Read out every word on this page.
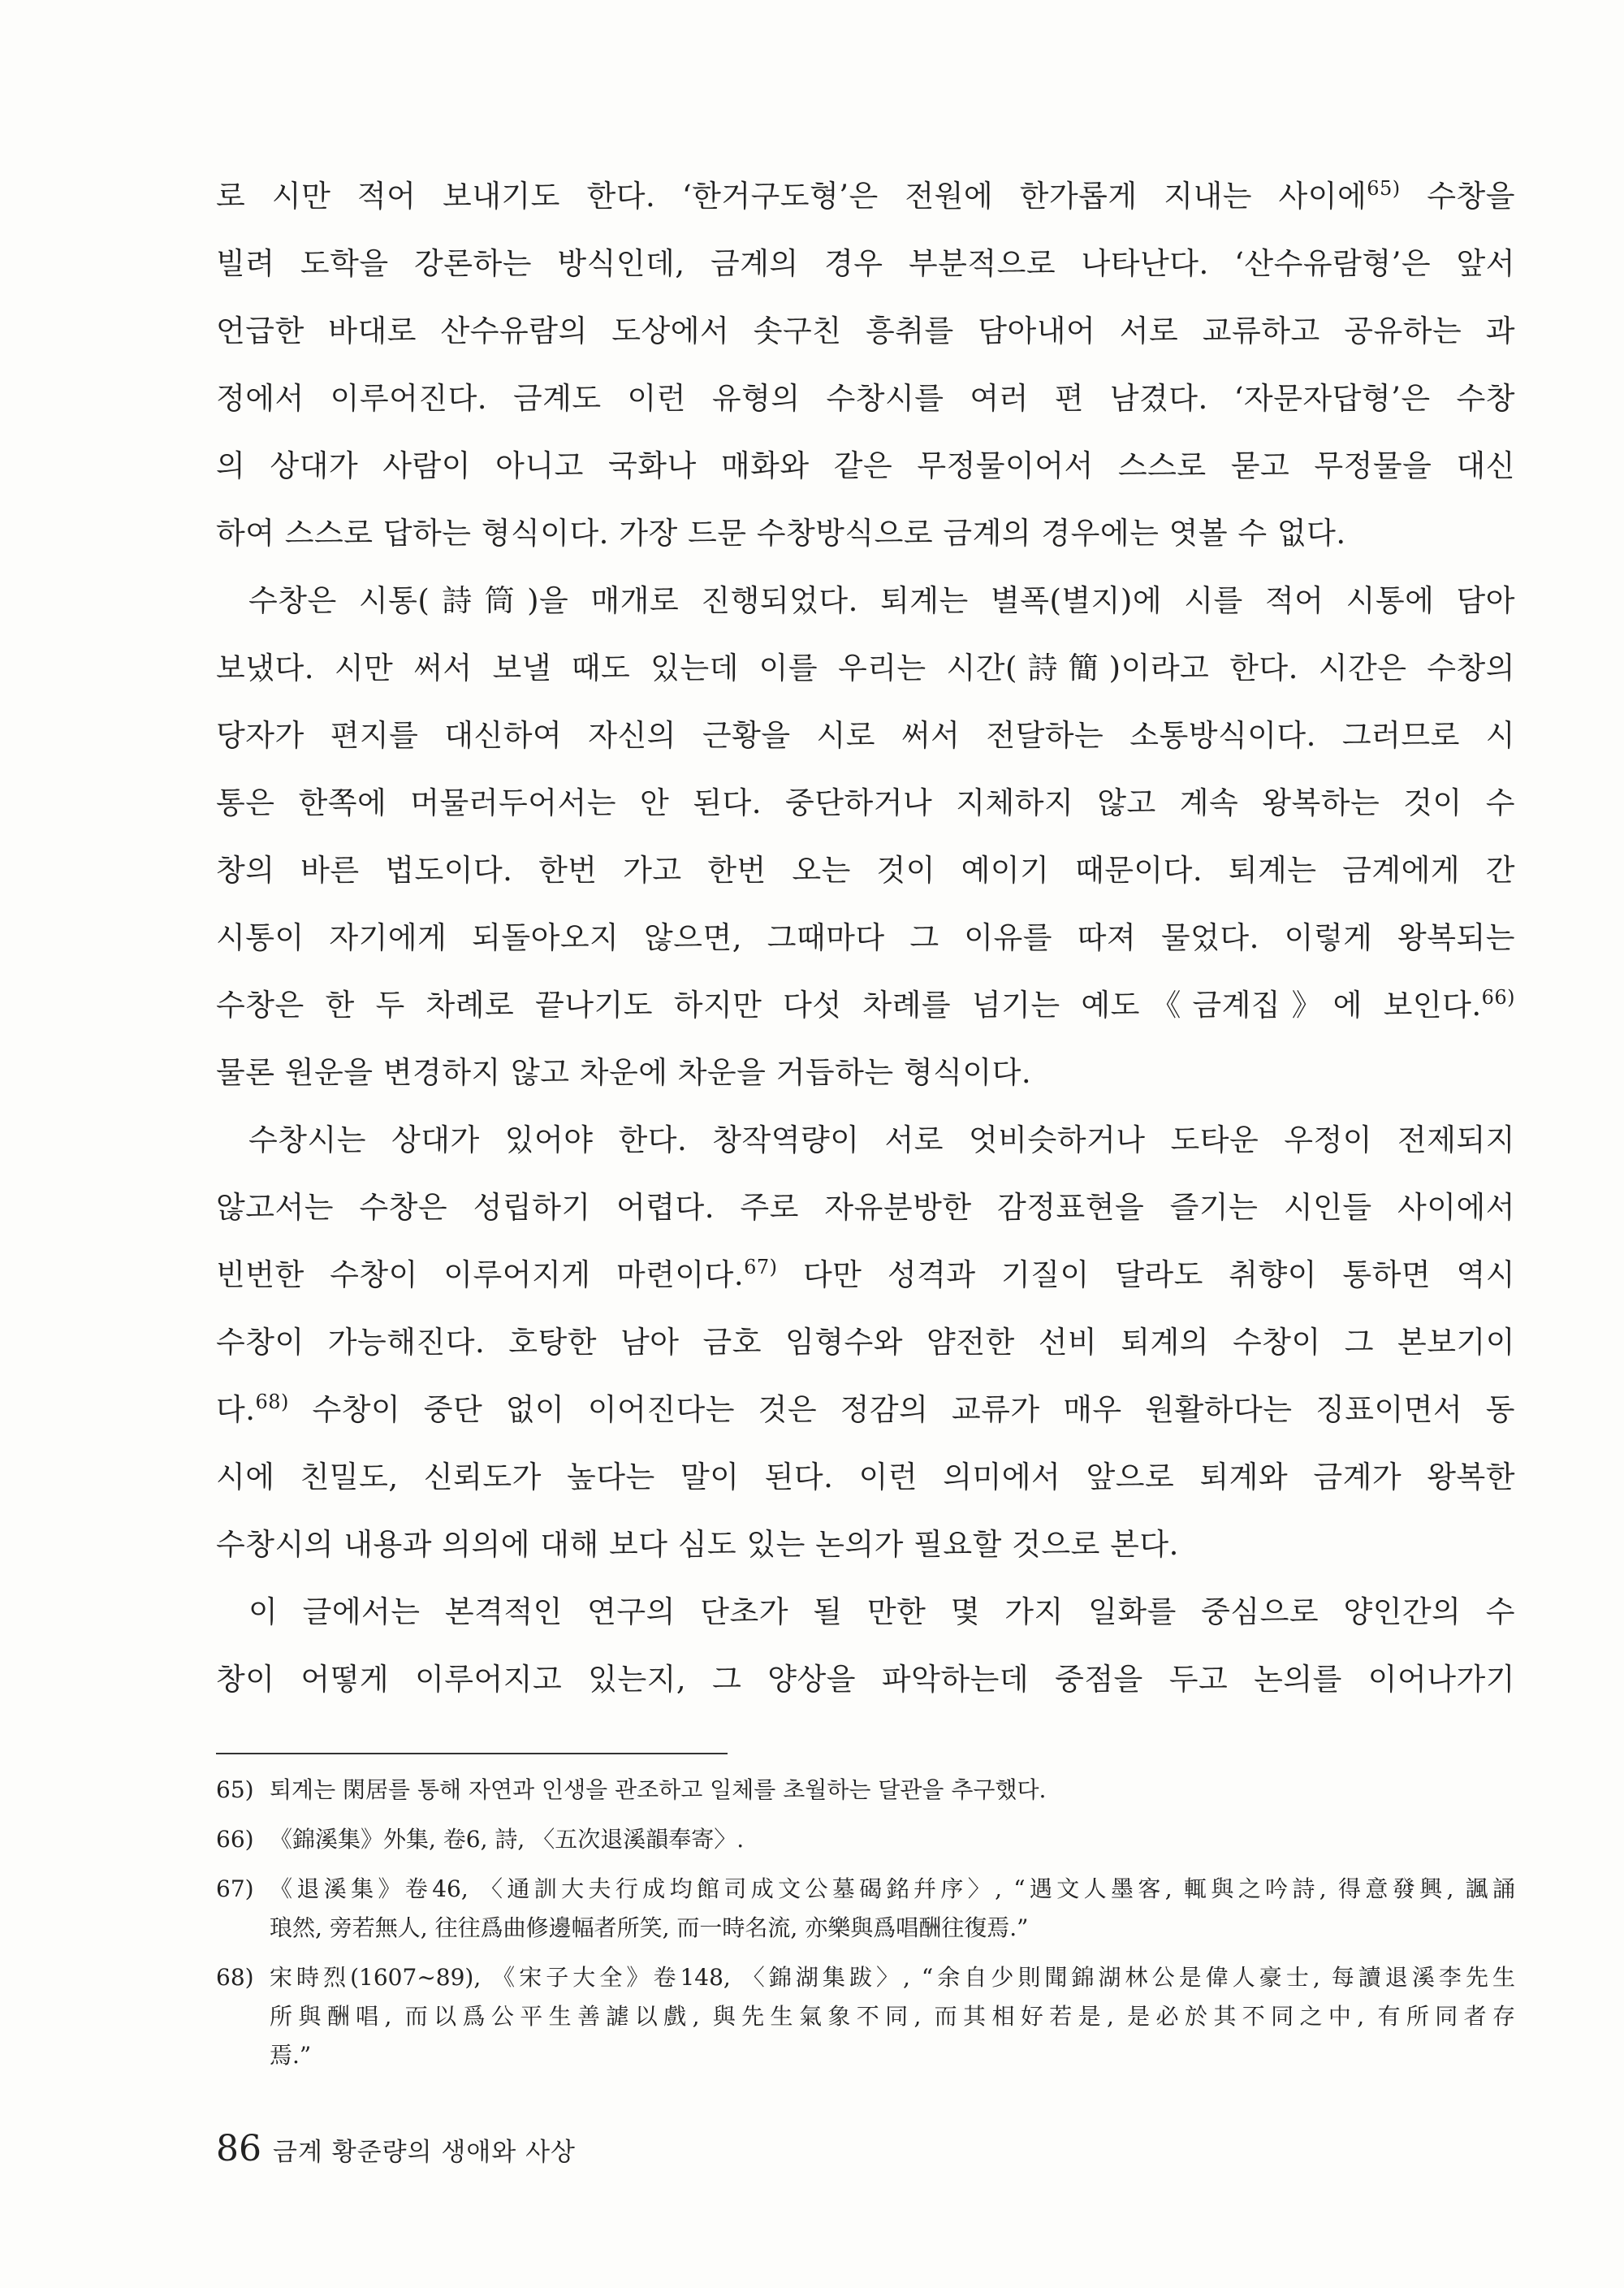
로 시만 적어 보내기도 한다. ‘한거구도형’은 전원에 한가롭게 지내는 사이에$^{65)}$ 수창을
빌려 도학을 강론하는 방식인데, 금계의 경우 부분적으로 나타난다. ‘산수유람형’은 앞서
언급한 바대로 산수유람의 도상에서 솟구친 흥취를 담아내어 서로 교류하고 공유하는 과
정에서 이루어진다. 금계도 이런 유형의 수창시를 여러 편 남겼다. ‘자문자답형’은 수창
의 상대가 사람이 아니고 국화나 매화와 같은 무정물이어서 스스로 묻고 무정물을 대신
하여 스스로 답하는 형식이다. 가장 드문 수창방식으로 금계의 경우에는 엿볼 수 없다.
수창은 시통(詩筒)을 매개로 진행되었다. 퇴계는 별폭(별지)에 시를 적어 시통에 담아
보냈다. 시만 써서 보낼 때도 있는데 이를 우리는 시간(詩簡)이라고 한다. 시간은 수창의
당자가 편지를 대신하여 자신의 근황을 시로 써서 전달하는 소통방식이다. 그러므로 시
통은 한쪽에 머물러두어서는 안 된다. 중단하거나 지체하지 않고 계속 왕복하는 것이 수
창의 바른 법도이다. 한번 가고 한번 오는 것이 예이기 때문이다. 퇴계는 금계에게 간
시통이 자기에게 되돌아오지 않으면, 그때마다 그 이유를 따져 물었다. 이렇게 왕복되는
수창은 한 두 차례로 끝나기도 하지만 다섯 차례를 넘기는 예도《금계집》에 보인다.$^{66)}$
물론 원운을 변경하지 않고 차운에 차운을 거듭하는 형식이다.
수창시는 상대가 있어야 한다. 창작역량이 서로 엇비슷하거나 도타운 우정이 전제되지
않고서는 수창은 성립하기 어렵다. 주로 자유분방한 감정표현을 즐기는 시인들 사이에서
빈번한 수창이 이루어지게 마련이다.$^{67)}$ 다만 성격과 기질이 달라도 취향이 통하면 역시
수창이 가능해진다. 호탕한 남아 금호 임형수와 얌전한 선비 퇴계의 수창이 그 본보기이
다.$^{68)}$ 수창이 중단 없이 이어진다는 것은 정감의 교류가 매우 원활하다는 징표이면서 동
시에 친밀도, 신뢰도가 높다는 말이 된다. 이런 의미에서 앞으로 퇴계와 금계가 왕복한
수창시의 내용과 의의에 대해 보다 심도 있는 논의가 필요할 것으로 본다.
이 글에서는 본격적인 연구의 단초가 될 만한 몇 가지 일화를 중심으로 양인간의 수
창이 어떻게 이루어지고 있는지, 그 양상을 파악하는데 중점을 두고 논의를 이어나가기
65) 퇴계는 閑居를 통해 자연과 인생을 관조하고 일체를 초월하는 달관을 추구했다.
66) 《錦溪集》外集, 卷6, 詩, 〈五次退溪韻奉寄〉.
67) 《退溪集》卷46, 〈通訓大夫行成均館司成文公墓碣銘幷序〉, “遇文人墨客, 輒與之吟詩, 得意發興, 諷誦
琅然, 旁若無人, 往往爲曲修邊幅者所笑, 而一時名流, 亦樂與爲唱酬往復焉.”
68) 宋時烈(1607~89), 《宋子大全》卷148, 〈錦湖集跋〉, “余自少則聞錦湖林公是偉人豪士, 每讀退溪李先生
所與酬唱, 而以爲公平生善謔以戲, 與先生氣象不同, 而其相好若是, 是必於其不同之中, 有所同者存
焉.”
86 금계 황준량의 생애와 사상
